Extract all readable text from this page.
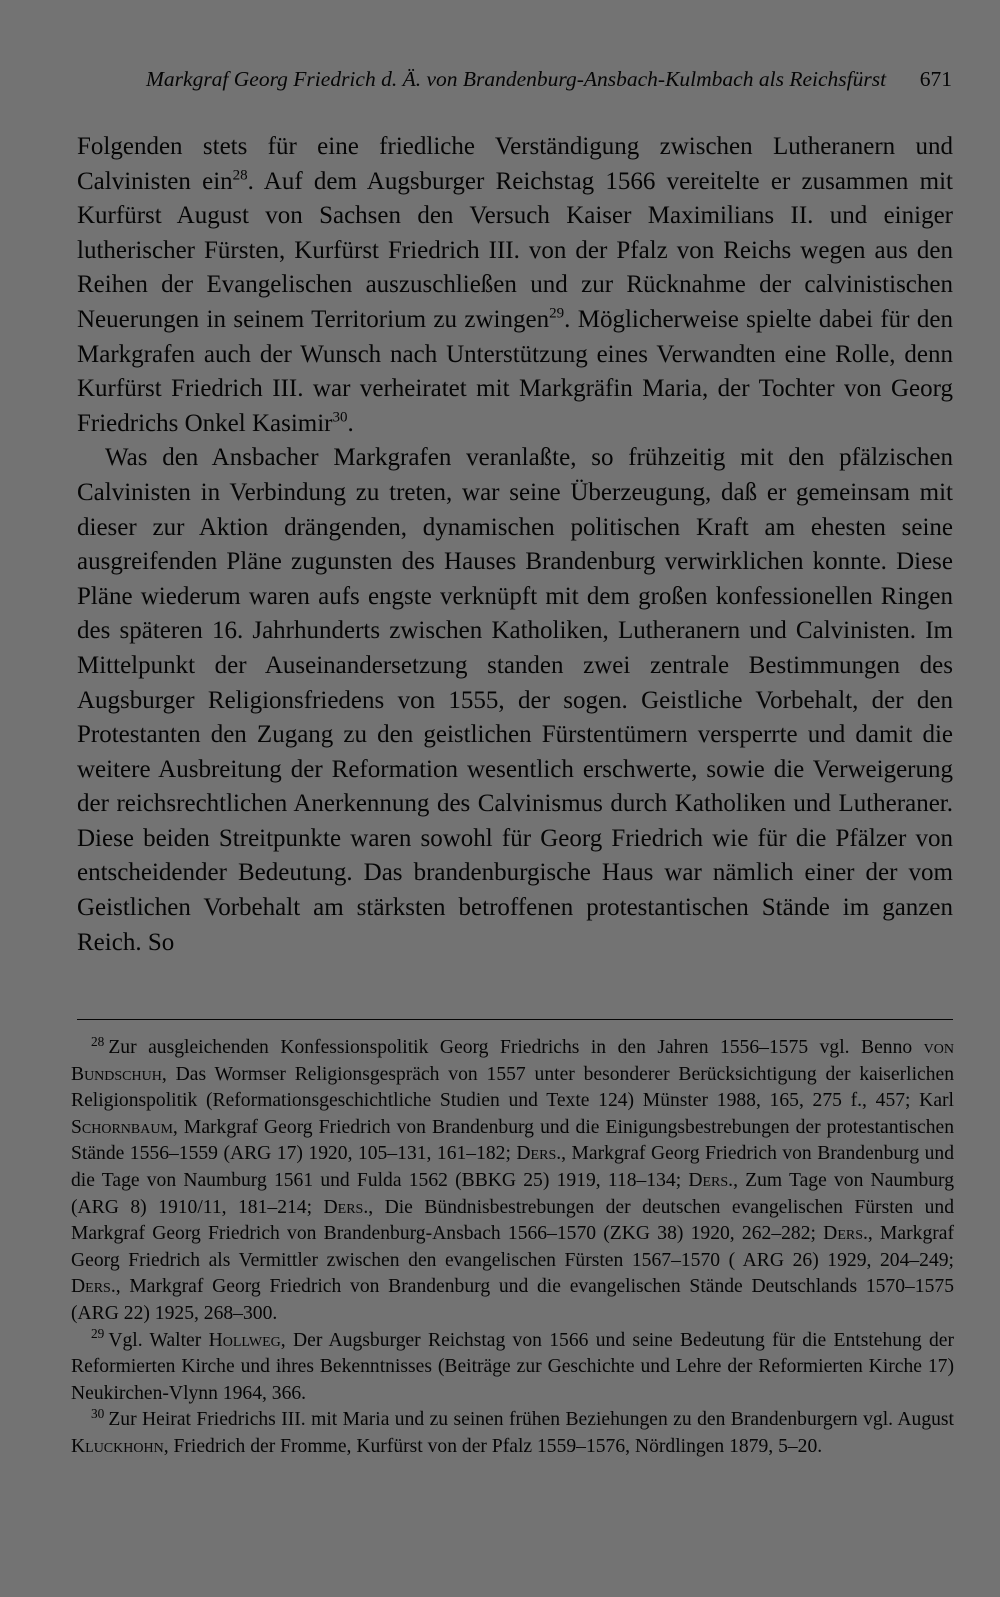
Markgraf Georg Friedrich d. Ä. von Brandenburg-Ansbach-Kulmbach als Reichsfürst 671

Folgenden stets für eine friedliche Verständigung zwischen Lutheranern und Calvinisten ein$^{28}$. Auf dem Augsburger Reichstag 1566 vereitelte er zusammen mit Kurfürst August von Sachsen den Versuch Kaiser Maximilians II. und einiger lutherischer Fürsten, Kurfürst Friedrich III. von der Pfalz von Reichs wegen aus den Reihen der Evangelischen auszuschließen und zur Rücknahme der calvinistischen Neuerungen in seinem Territorium zu zwingen$^{29}$. Möglicherweise spielte dabei für den Markgrafen auch der Wunsch nach Unterstützung eines Verwandten eine Rolle, denn Kurfürst Friedrich III. war verheiratet mit Markgräfin Maria, der Tochter von Georg Friedrichs Onkel Kasimir$^{30}$.

Was den Ansbacher Markgrafen veranlaßte, so frühzeitig mit den pfälzischen Calvinisten in Verbindung zu treten, war seine Überzeugung, daß er gemeinsam mit dieser zur Aktion drängenden, dynamischen politischen Kraft am ehesten seine ausgreifenden Pläne zugunsten des Hauses Brandenburg verwirklichen konnte. Diese Pläne wiederum waren aufs engste verknüpft mit dem großen konfessionellen Ringen des späteren 16. Jahrhunderts zwischen Katholiken, Lutheranern und Calvinisten. Im Mittelpunkt der Auseinandersetzung standen zwei zentrale Bestimmungen des Augsburger Religionsfriedens von 1555, der sogen. Geistliche Vorbehalt, der den Protestanten den Zugang zu den geistlichen Fürstentümern versperrte und damit die weitere Ausbreitung der Reformation wesentlich erschwerte, sowie die Verweigerung der reichsrechtlichen Anerkennung des Calvinismus durch Katholiken und Lutheraner. Diese beiden Streitpunkte waren sowohl für Georg Friedrich wie für die Pfälzer von entscheidender Bedeutung. Das brandenburgische Haus war nämlich einer der vom Geistlichen Vorbehalt am stärksten betroffenen protestantischen Stände im ganzen Reich. So

$^{28}$ Zur ausgleichenden Konfessionspolitik Georg Friedrichs in den Jahren 1556–1575 vgl. Benno von Bundschuh, Das Wormser Religionsgespräch von 1557 unter besonderer Berücksichtigung der kaiserlichen Religionspolitik (Reformationsgeschichtliche Studien und Texte 124) Münster 1988, 165, 275 f., 457; Karl Schornbaum, Markgraf Georg Friedrich von Brandenburg und die Einigungsbestrebungen der protestantischen Stände 1556–1559 (ARG 17) 1920, 105–131, 161–182; Ders., Markgraf Georg Friedrich von Brandenburg und die Tage von Naumburg 1561 und Fulda 1562 (BBKG 25) 1919, 118–134; Ders., Zum Tage von Naumburg (ARG 8) 1910/11, 181–214; Ders., Die Bündnisbestrebungen der deutschen evangelischen Fürsten und Markgraf Georg Friedrich von Brandenburg-Ansbach 1566–1570 (ZKG 38) 1920, 262–282; Ders., Markgraf Georg Friedrich als Vermittler zwischen den evangelischen Fürsten 1567–1570 ( ARG 26) 1929, 204–249; Ders., Markgraf Georg Friedrich von Brandenburg und die evangelischen Stände Deutschlands 1570–1575 (ARG 22) 1925, 268–300.

$^{29}$ Vgl. Walter Hollweg, Der Augsburger Reichstag von 1566 und seine Bedeutung für die Entstehung der Reformierten Kirche und ihres Bekenntnisses (Beiträge zur Geschichte und Lehre der Reformierten Kirche 17) Neukirchen-Vlynn 1964, 366.

$^{30}$ Zur Heirat Friedrichs III. mit Maria und zu seinen frühen Beziehungen zu den Brandenburgern vgl. August Kluckhohn, Friedrich der Fromme, Kurfürst von der Pfalz 1559–1576, Nördlingen 1879, 5–20.
